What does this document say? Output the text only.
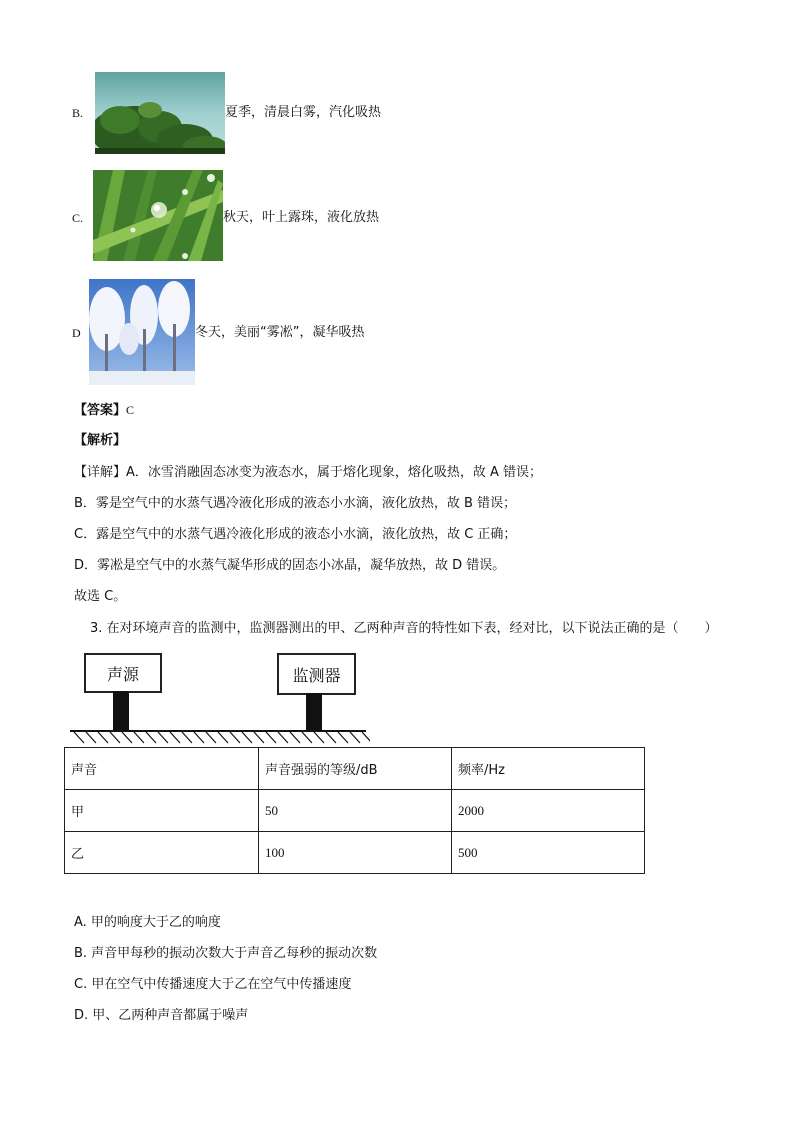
B.	夏季，清晨白雾，汽化吸热
C.	秋天，叶上露珠，液化放热
D	冬天，美丽“雾凇”，凝华吸热
【答案】C
【解析】
【详解】A．冰雪消融固态冰变为液态水，属于熔化现象，熔化吸热，故 A 错误；
B．雾是空气中的水蒸气遇冷液化形成的液态小水滴，液化放热，故 B 错误；
C．露是空气中的水蒸气遇冷液化形成的液态小水滴，液化放热，故 C 正确；
D．雾凇是空气中的水蒸气凝华形成的固态小冰晶，凝华放热，故 D 错误。
故选 C。
3. 在对环境声音的监测中，监测器测出的甲、乙两种声音的特性如下表，经对比，以下说法正确的是（　　）
声源	监测器
声音	声音强弱的等级/dB	频率/Hz
甲	50	2000
乙	100	500
A. 甲的响度大于乙的响度
B. 声音甲每秒的振动次数大于声音乙每秒的振动次数
C. 甲在空气中传播速度大于乙在空气中传播速度
D. 甲、乙两种声音都属于噪声
